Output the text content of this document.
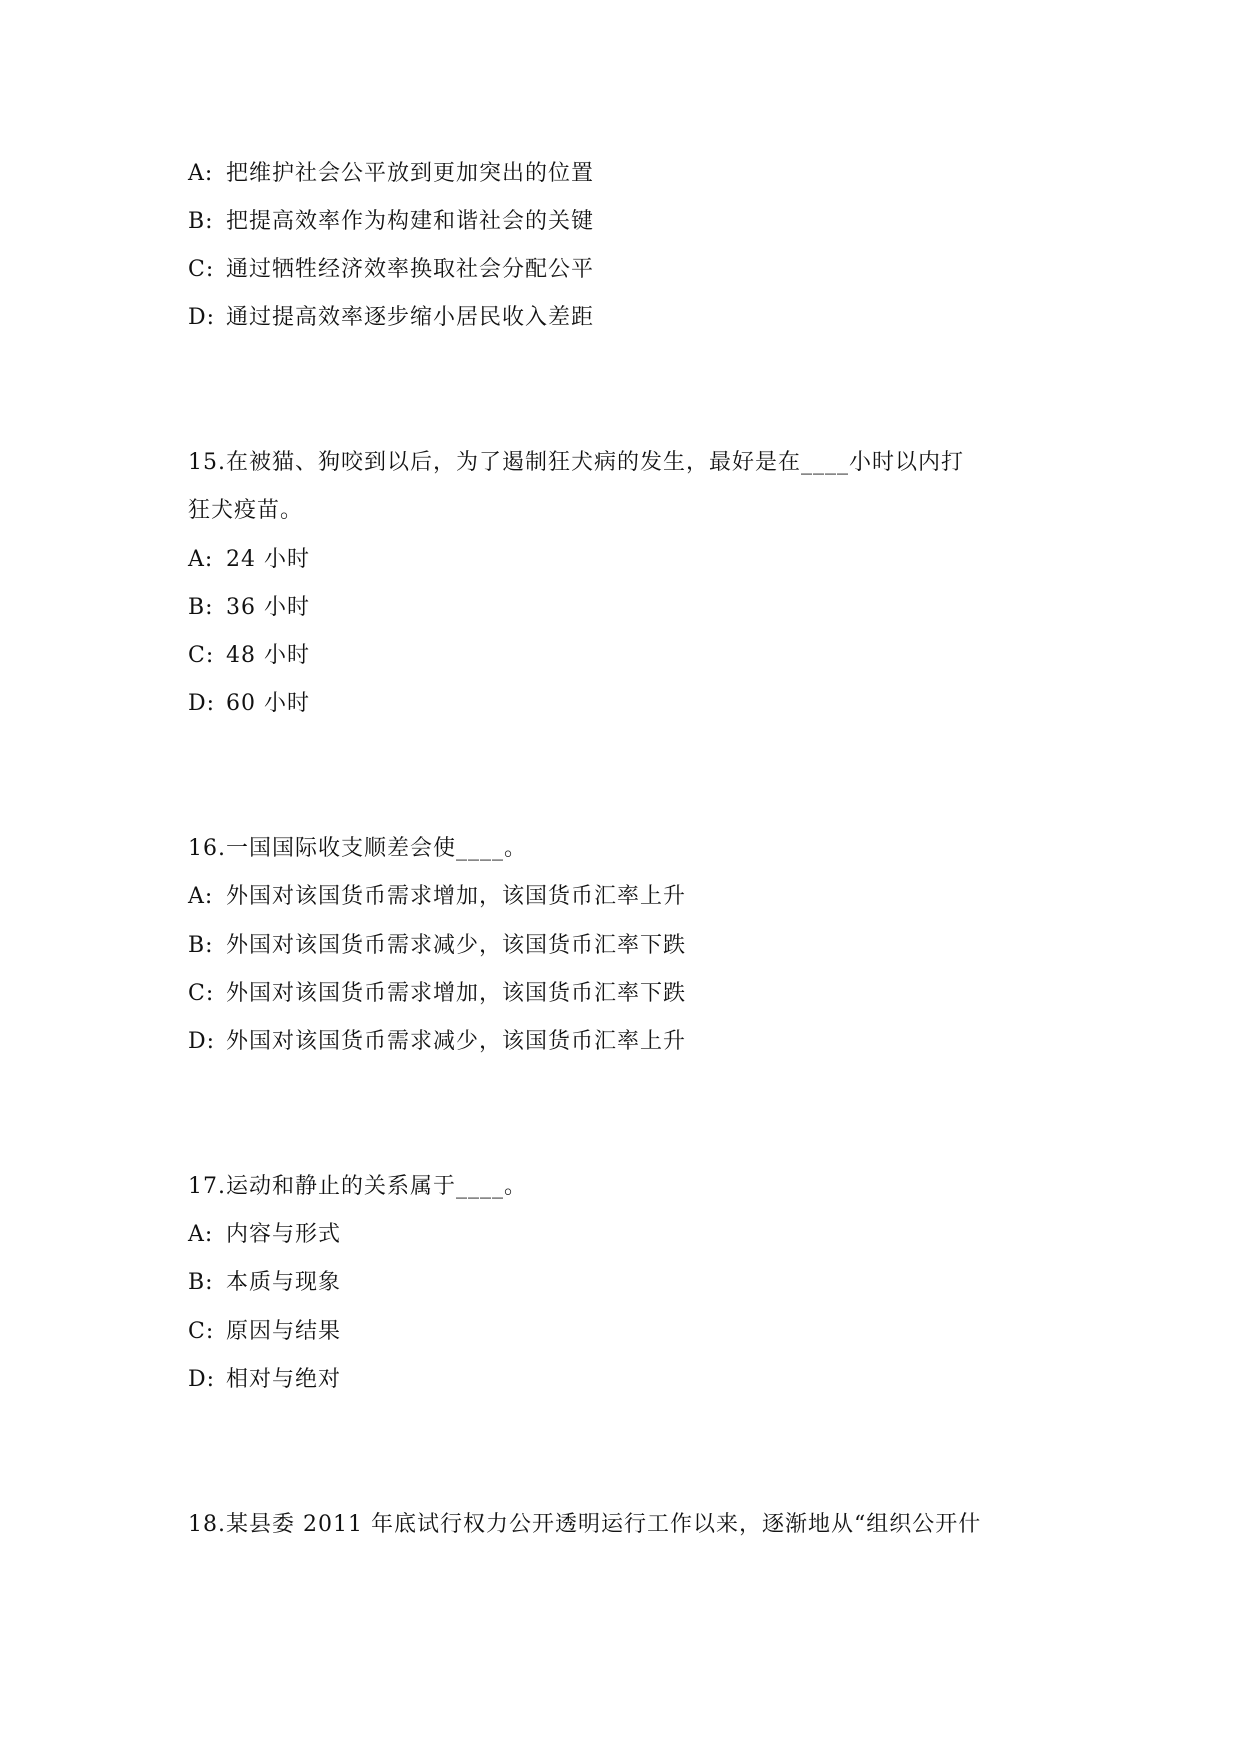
A: 把维护社会公平放到更加突出的位置
B: 把提高效率作为构建和谐社会的关键
C: 通过牺牲经济效率换取社会分配公平
D: 通过提高效率逐步缩小居民收入差距
15.在被猫、狗咬到以后，为了遏制狂犬病的发生，最好是在____小时以内打
狂犬疫苗。
A: 24 小时
B: 36 小时
C: 48 小时
D: 60 小时
16.一国国际收支顺差会使____。
A: 外国对该国货币需求增加，该国货币汇率上升
B: 外国对该国货币需求减少，该国货币汇率下跌
C: 外国对该国货币需求增加，该国货币汇率下跌
D: 外国对该国货币需求减少，该国货币汇率上升
17.运动和静止的关系属于____。
A: 内容与形式
B: 本质与现象
C: 原因与结果
D: 相对与绝对
18.某县委 2011 年底试行权力公开透明运行工作以来，逐渐地从“组织公开什
